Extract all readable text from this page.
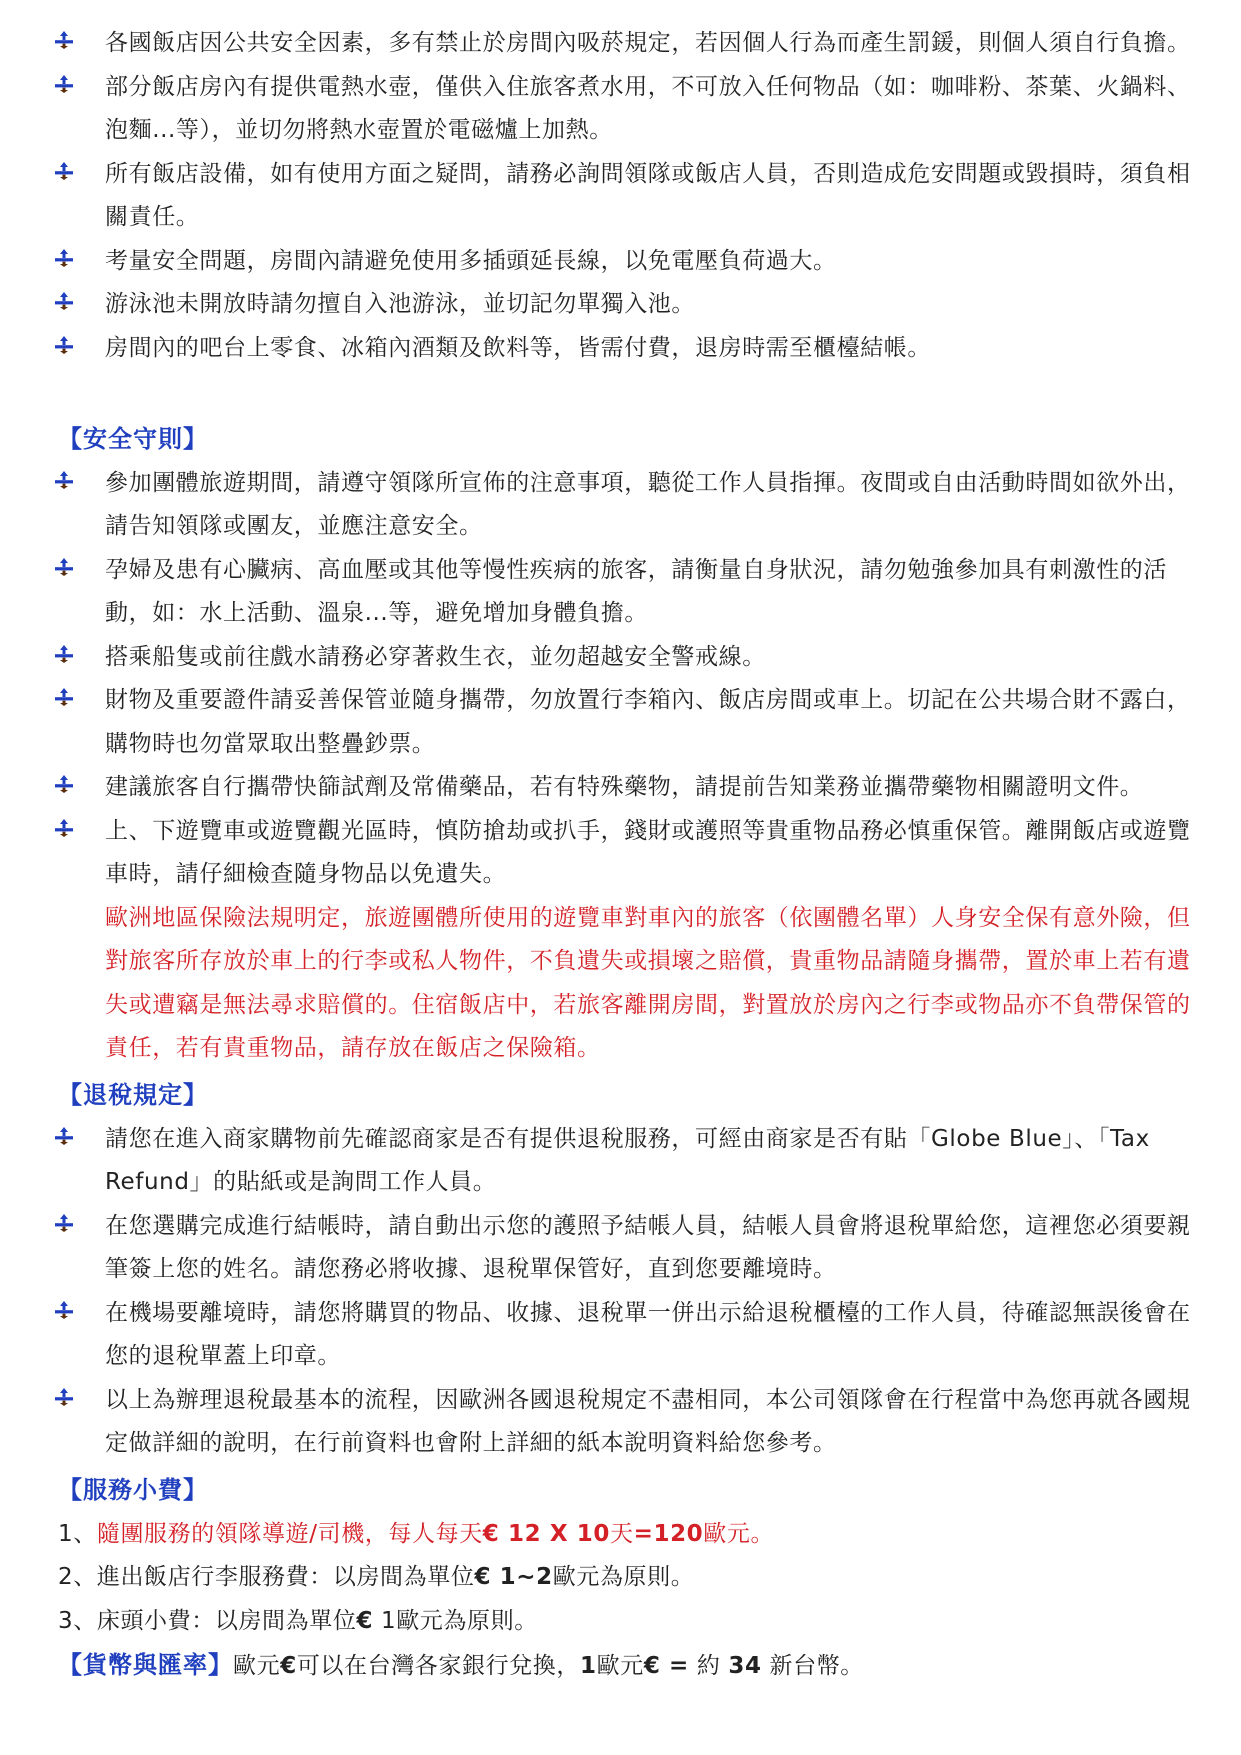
各國飯店因公共安全因素，多有禁止於房間內吸菸規定，若因個人行為而產生罰鍰，則個人須自行負擔。
部分飯店房內有提供電熱水壺，僅供入住旅客煮水用，不可放入任何物品（如：咖啡粉、茶葉、火鍋料、泡麵...等），並切勿將熱水壺置於電磁爐上加熱。
所有飯店設備，如有使用方面之疑問，請務必詢問領隊或飯店人員，否則造成危安問題或毀損時，須負相關責任。
考量安全問題，房間內請避免使用多插頭延長線，以免電壓負荷過大。
游泳池未開放時請勿擅自入池游泳，並切記勿單獨入池。
房間內的吧台上零食、冰箱內酒類及飲料等，皆需付費，退房時需至櫃檯結帳。
【安全守則】
參加團體旅遊期間，請遵守領隊所宣佈的注意事項，聽從工作人員指揮。夜間或自由活動時間如欲外出，請告知領隊或團友，並應注意安全。
孕婦及患有心臟病、高血壓或其他等慢性疾病的旅客，請衡量自身狀況，請勿勉強參加具有刺激性的活動，如：水上活動、溫泉...等，避免增加身體負擔。
搭乘船隻或前往戲水請務必穿著救生衣，並勿超越安全警戒線。
財物及重要證件請妥善保管並隨身攜帶，勿放置行李箱內、飯店房間或車上。切記在公共場合財不露白，購物時也勿當眾取出整疊鈔票。
建議旅客自行攜帶快篩試劑及常備藥品，若有特殊藥物，請提前告知業務並攜帶藥物相關證明文件。
上、下遊覽車或遊覽觀光區時，慎防搶劫或扒手，錢財或護照等貴重物品務必慎重保管。離開飯店或遊覽車時，請仔細檢查隨身物品以免遺失。
歐洲地區保險法規明定，旅遊團體所使用的遊覽車對車內的旅客（依團體名單）人身安全保有意外險，但對旅客所存放於車上的行李或私人物件，不負遺失或損壞之賠償，貴重物品請隨身攜帶，置於車上若有遺失或遭竊是無法尋求賠償的。住宿飯店中，若旅客離開房間，對置放於房內之行李或物品亦不負帶保管的責任，若有貴重物品，請存放在飯店之保險箱。
【退稅規定】
請您在進入商家購物前先確認商家是否有提供退稅服務，可經由商家是否有貼「Globe Blue」、「Tax Refund」的貼紙或是詢問工作人員。
在您選購完成進行結帳時，請自動出示您的護照予結帳人員，結帳人員會將退稅單給您，這裡您必須要親筆簽上您的姓名。請您務必將收據、退稅單保管好，直到您要離境時。
在機場要離境時，請您將購買的物品、收據、退稅單一併出示給退稅櫃檯的工作人員，待確認無誤後會在您的退稅單蓋上印章。
以上為辦理退稅最基本的流程，因歐洲各國退稅規定不盡相同，本公司領隊會在行程當中為您再就各國規定做詳細的說明，在行前資料也會附上詳細的紙本說明資料給您參考。
【服務小費】
1、隨團服務的領隊導遊/司機，每人每天€ 12 X 10天=120歐元。
2、進出飯店行李服務費：以房間為單位€ 1~2歐元為原則。
3、床頭小費：以房間為單位€ 1歐元為原則。
【貨幣與匯率】歐元€可以在台灣各家銀行兌換，1歐元€ = 約 34 新台幣。
